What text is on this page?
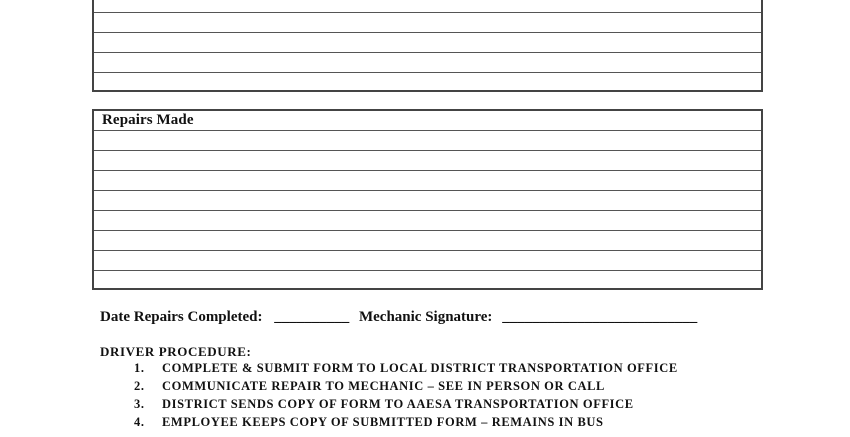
Repairs Made
Date Repairs Completed: __________ Mechanic Signature: __________________________
DRIVER PROCEDURE:
1. COMPLETE & SUBMIT FORM TO LOCAL DISTRICT TRANSPORTATION OFFICE
2. COMMUNICATE REPAIR TO MECHANIC – SEE IN PERSON OR CALL
3. DISTRICT SENDS COPY OF FORM TO AAESA TRANSPORTATION OFFICE
4. EMPLOYEE KEEPS COPY OF SUBMITTED FORM – REMAINS IN BUS
